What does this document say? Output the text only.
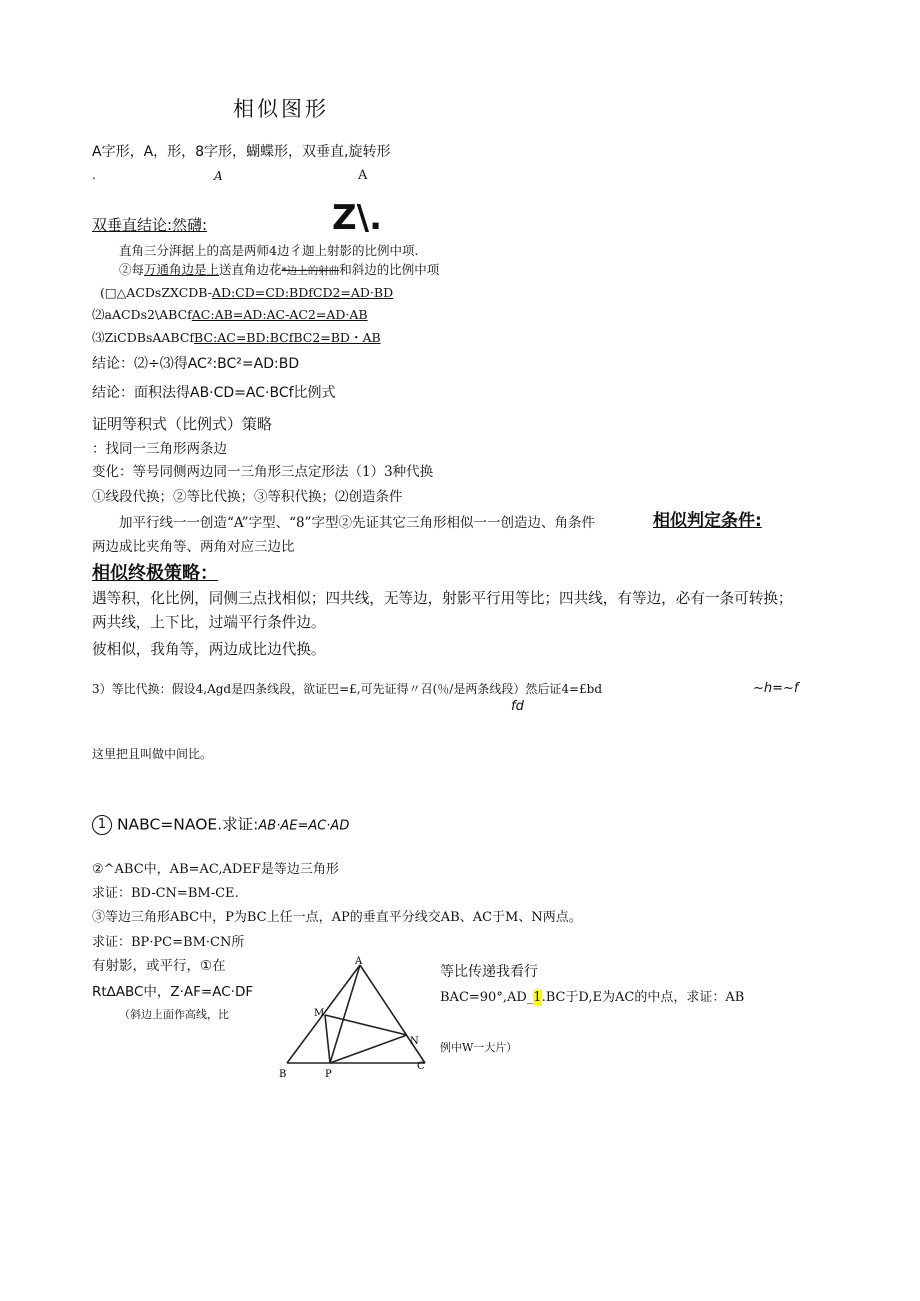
相似图形
A字形，A，形，8字形，蝴蝶形，双垂直,旋转形
.	A	A
双垂直结论:然礴:	Z\.
直角三分湃据上的高是两师4边彳迦上射影的比例中项.
②每万通角边是上送直角边花*边上的射曲和斜边的比例中项
(□△ACDsZXCDB-AD:CD=CD:BDfCD2=AD·BD
⑵aACDs2\ABCfAC:AB=AD:AC-AC2=AD·AB
⑶ZiCDBsAABCfBC:AC=BD:BCfBC2=BD・AB
结论：⑵÷⑶得AC²:BC²=AD:BD
结论：面积法得AB·CD=AC·BCf比例式
证明等积式（比例式）策略
：找同一三角形两条边
变化：等号同侧两边同一三角形三点定形法（1）3种代换
①线段代换；②等比代换；③等积代换；⑵创造条件
加平行线一一创造“A”字型、“8”字型②先证其它三角形相似一一创造边、角条件	相似判定条件:
两边成比夹角等、两角对应三边比
相似终极策略：
遇等积，化比例，同侧三点找相似；四共线，无等边，射影平行用等比；四共线，有等边，必有一条可转换；
两共线，上下比，过端平行条件边。
彼相似，我角等，两边成比边代换。
3）等比代换：假设4,Agd是四条线段，欲证巴=£,可先证得〃召(％/是两条线段）然后证4=£bd	~h=~f
fd
这里把且叫做中间比。
1 NABC=NAOE.求证:AB·AE=AC·AD
②^ABC中，AB=AC,ADEF是等边三角形
求证：BD-CN=BM-CE.
③等边三角形ABC中，P为BC上任一点，AP的垂直平分线交AB、AC于M、N两点。
求证：BP·PC=BM·CN所
有射影，或平行，①在
Rt∆ABC中，Z·AF=AC·DF
（斜边上面作高线，比
A
M
N
B	P
C
等比传递我看行
BAC=90°,AD_1.BC于D,E为AC的中点，求证：AB
例中W一大片）
